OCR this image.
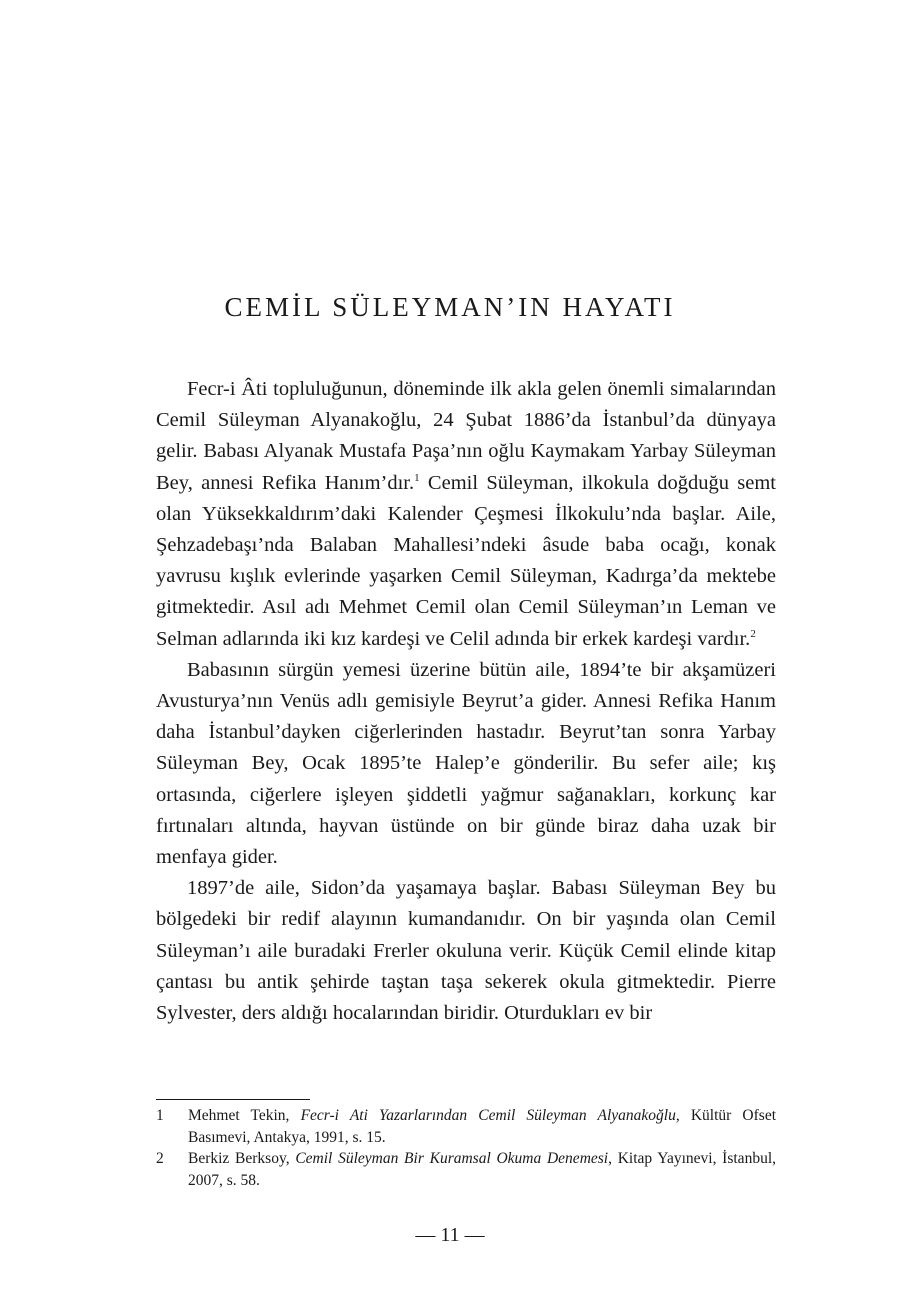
CEMİL SÜLEYMAN’IN HAYATI

Fecr-i Âti topluluğunun, döneminde ilk akla gelen önemli simalarından Cemil Süleyman Alyanakoğlu, 24 Şubat 1886’da İstanbul’da dünyaya gelir. Babası Alyanak Mustafa Paşa’nın oğlu Kaymakam Yarbay Süleyman Bey, annesi Refika Hanım’dır.$^1$ Cemil Süleyman, ilkokula doğduğu semt olan Yüksekkaldırım’daki Kalender Çeşmesi İlkokulu’nda başlar. Aile, Şehzadebaşı’nda Balaban Mahallesi’ndeki âsude baba ocağı, konak yavrusu kışlık evlerinde yaşarken Cemil Süleyman, Kadırga’da mektebe gitmektedir. Asıl adı Mehmet Cemil olan Cemil Süleyman’ın Leman ve Selman adlarında iki kız kardeşi ve Celil adında bir erkek kardeşi vardır.$^2$

Babasının sürgün yemesi üzerine bütün aile, 1894’te bir akşamüzeri Avusturya’nın Venüs adlı gemisiyle Beyrut’a gider. Annesi Refika Hanım daha İstanbul’dayken ciğerlerinden hastadır. Beyrut’tan sonra Yarbay Süleyman Bey, Ocak 1895’te Halep’e gönderilir. Bu sefer aile; kış ortasında, ciğerlere işleyen şiddetli yağmur sağanakları, korkunç kar fırtınaları altında, hayvan üstünde on bir günde biraz daha uzak bir menfaya gider.

1897’de aile, Sidon’da yaşamaya başlar. Babası Süleyman Bey bu bölgedeki bir redif alayının kumandanıdır. On bir yaşında olan Cemil Süleyman’ı aile buradaki Frerler okuluna verir. Küçük Cemil elinde kitap çantası bu antik şehirde taştan taşa sekerek okula gitmektedir. Pierre Sylvester, ders aldığı hocalarından biridir. Oturdukları ev bir

1	Mehmet Tekin, Fecr-i Ati Yazarlarından Cemil Süleyman Alyanakoğlu, Kültür Ofset Basımevi, Antakya, 1991, s. 15.
2	Berkiz Berksoy, Cemil Süleyman Bir Kuramsal Okuma Denemesi, Kitap Yayınevi, İstanbul, 2007, s. 58.
— 11 —
